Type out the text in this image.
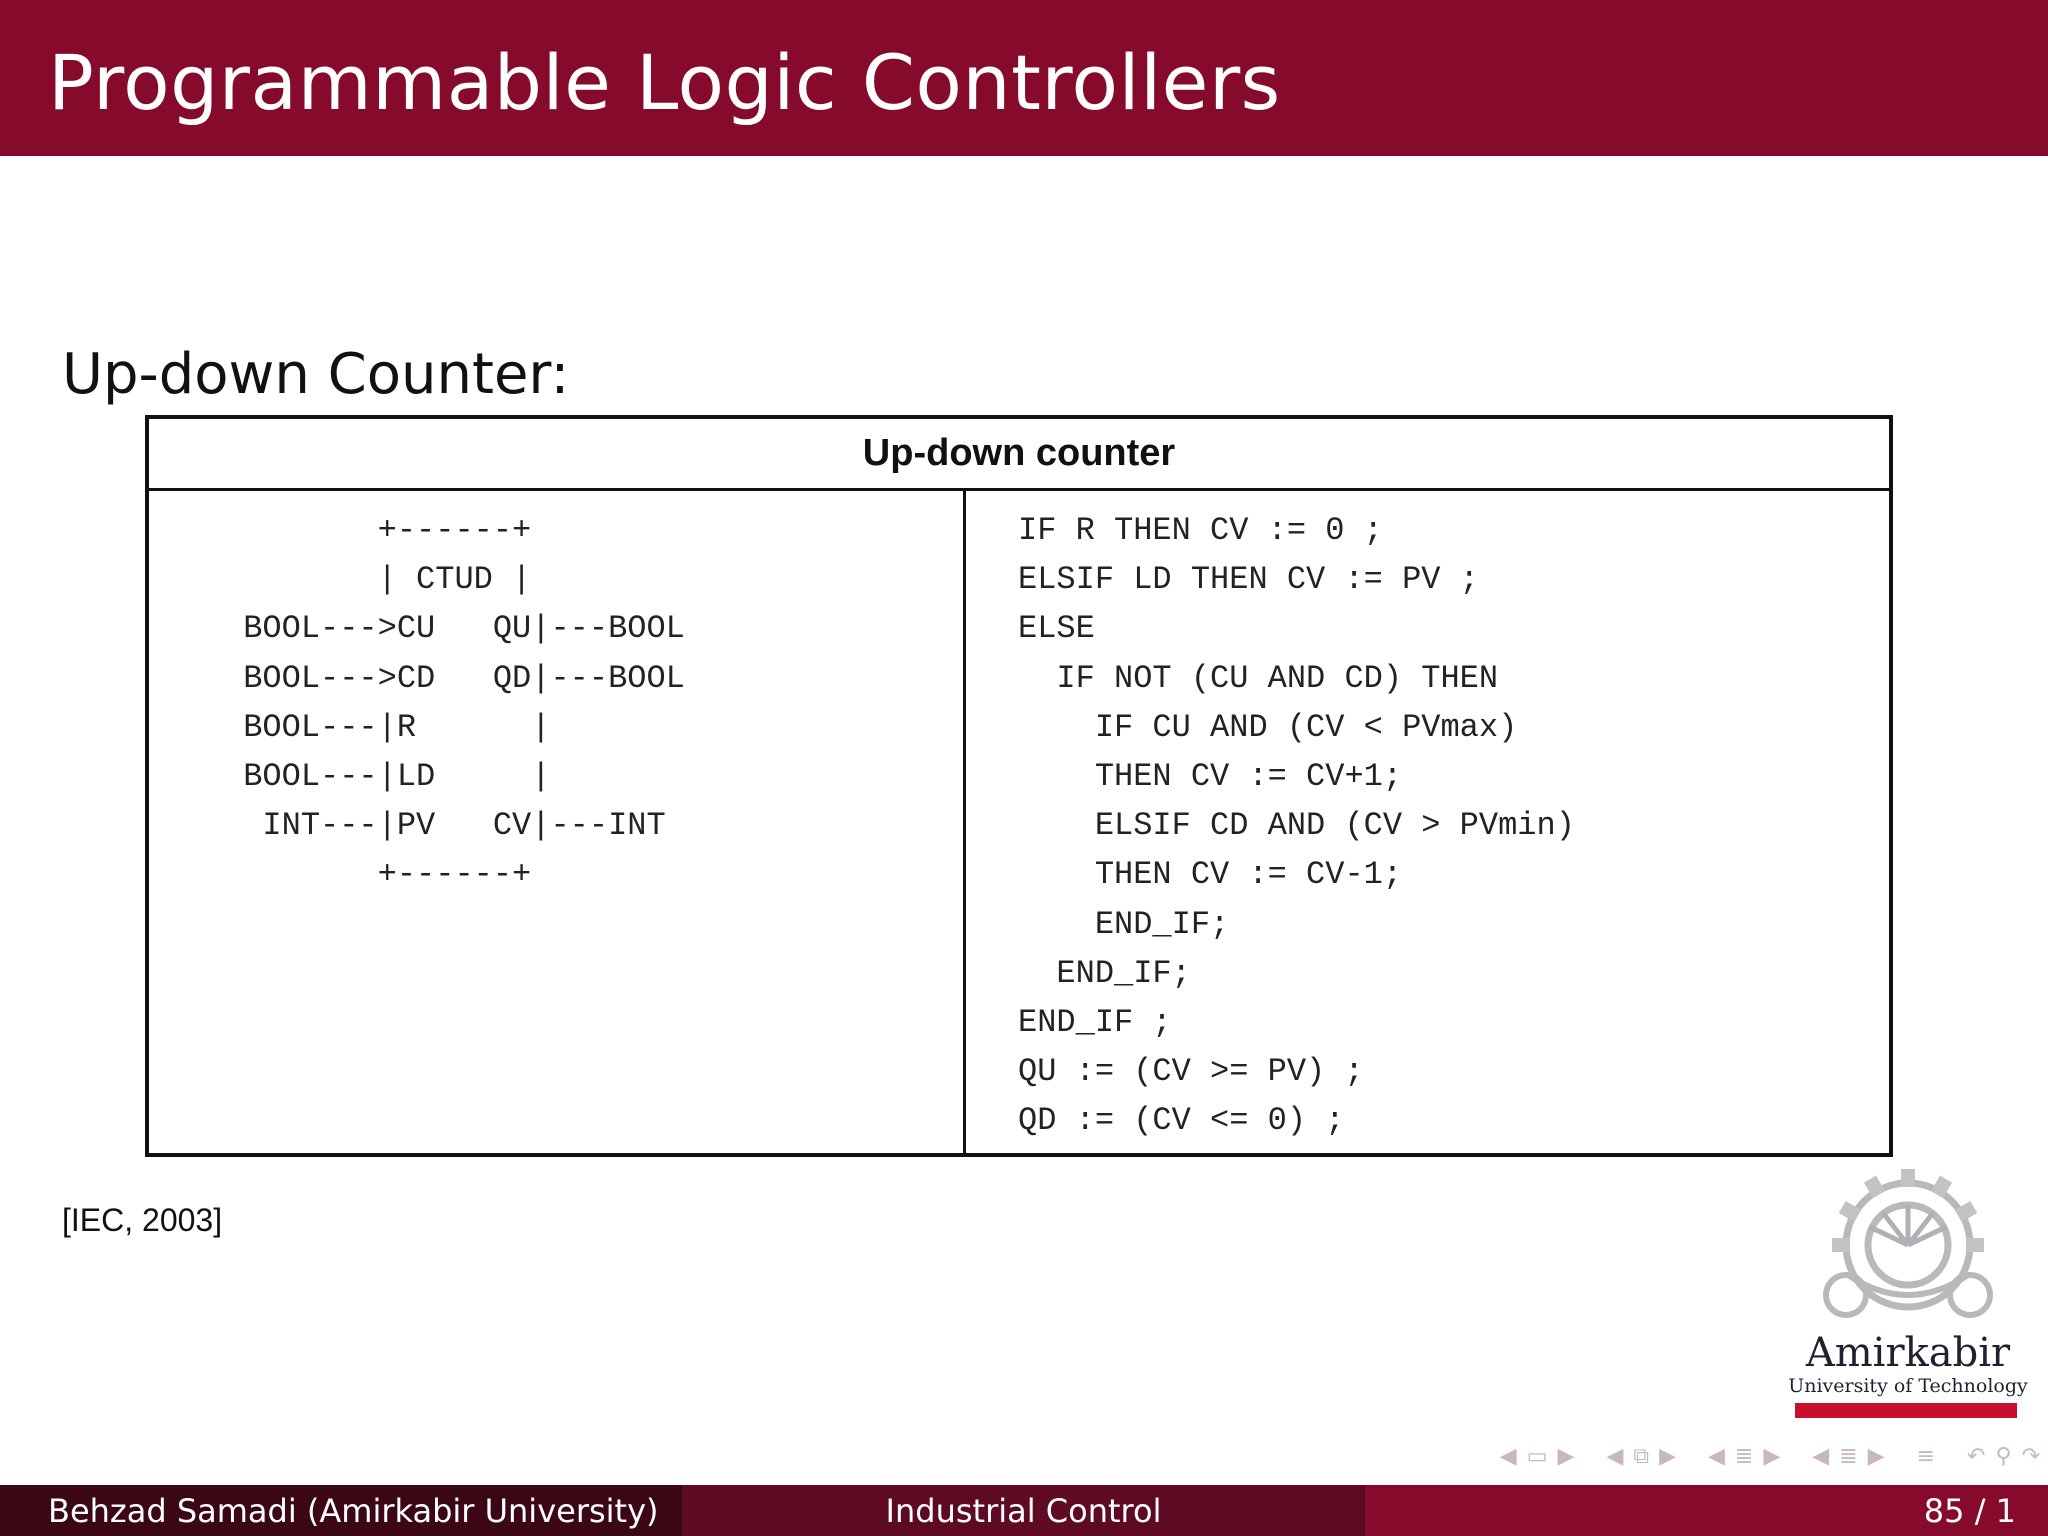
Programmable Logic Controllers
Up-down Counter:
Up-down counter
+------+
| CTUD |
BOOL--->CU   QU|---BOOL
BOOL--->CD   QD|---BOOL
BOOL---|R      |
BOOL---|LD     |
INT---|PV   CV|---INT
+------+
IF R THEN CV := 0 ;
ELSIF LD THEN CV := PV ;
ELSE
IF NOT (CU AND CD) THEN
IF CU AND (CV < PVmax)
THEN CV := CV+1;
ELSIF CD AND (CV > PVmin)
THEN CV := CV-1;
END_IF;
END_IF;
END_IF ;
QU := (CV >= PV) ;
QD := (CV <= 0) ;
[IEC, 2003]
Amirkabir
University of Technology
◀ ▭ ▶ ◀ ⧉ ▶ ◀ ≣ ▶ ◀ ≣ ▶ ≡ ↶ ⚲ ↷
Behzad Samadi (Amirkabir University)	Industrial Control	85 / 1
